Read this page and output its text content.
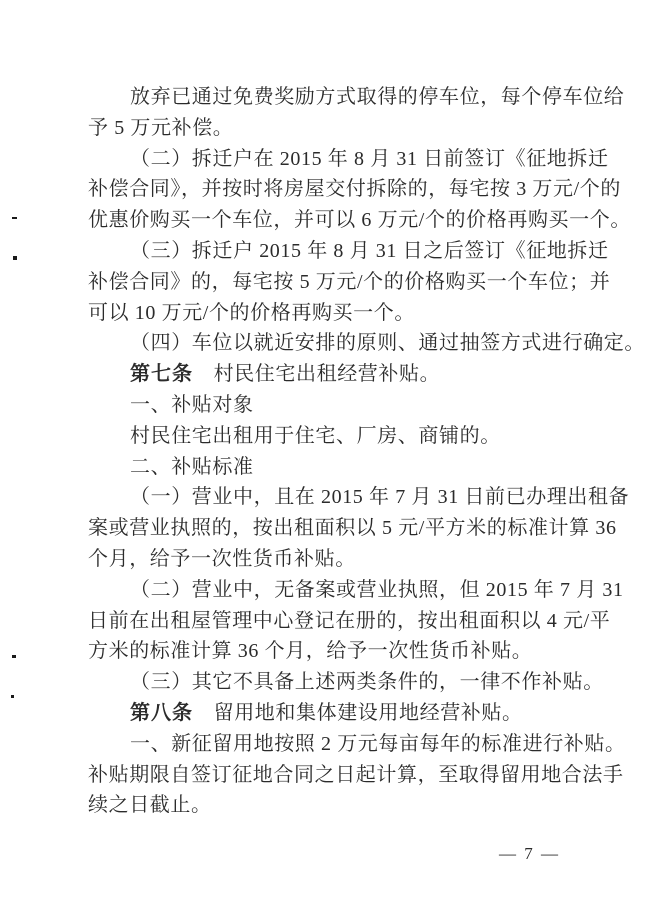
放弃已通过免费奖励方式取得的停车位，每个停车位给
予 5 万元补偿。
（二）拆迁户在 2015 年 8 月 31 日前签订《征地拆迁
补偿合同》，并按时将房屋交付拆除的，每宅按 3 万元/个的
优惠价购买一个车位，并可以 6 万元/个的价格再购买一个。
（三）拆迁户 2015 年 8 月 31 日之后签订《征地拆迁
补偿合同》的，每宅按 5 万元/个的价格购买一个车位；并
可以 10 万元/个的价格再购买一个。
（四）车位以就近安排的原则、通过抽签方式进行确定。
第七条　村民住宅出租经营补贴。
一、补贴对象
村民住宅出租用于住宅、厂房、商铺的。
二、补贴标准
（一）营业中，且在 2015 年 7 月 31 日前已办理出租备
案或营业执照的，按出租面积以 5 元/平方米的标准计算 36
个月，给予一次性货币补贴。
（二）营业中，无备案或营业执照，但 2015 年 7 月 31
日前在出租屋管理中心登记在册的，按出租面积以 4 元/平
方米的标准计算 36 个月，给予一次性货币补贴。
（三）其它不具备上述两类条件的，一律不作补贴。
第八条　留用地和集体建设用地经营补贴。
一、新征留用地按照 2 万元每亩每年的标准进行补贴。
补贴期限自签订征地合同之日起计算，至取得留用地合法手
续之日截止。
— 7 —
